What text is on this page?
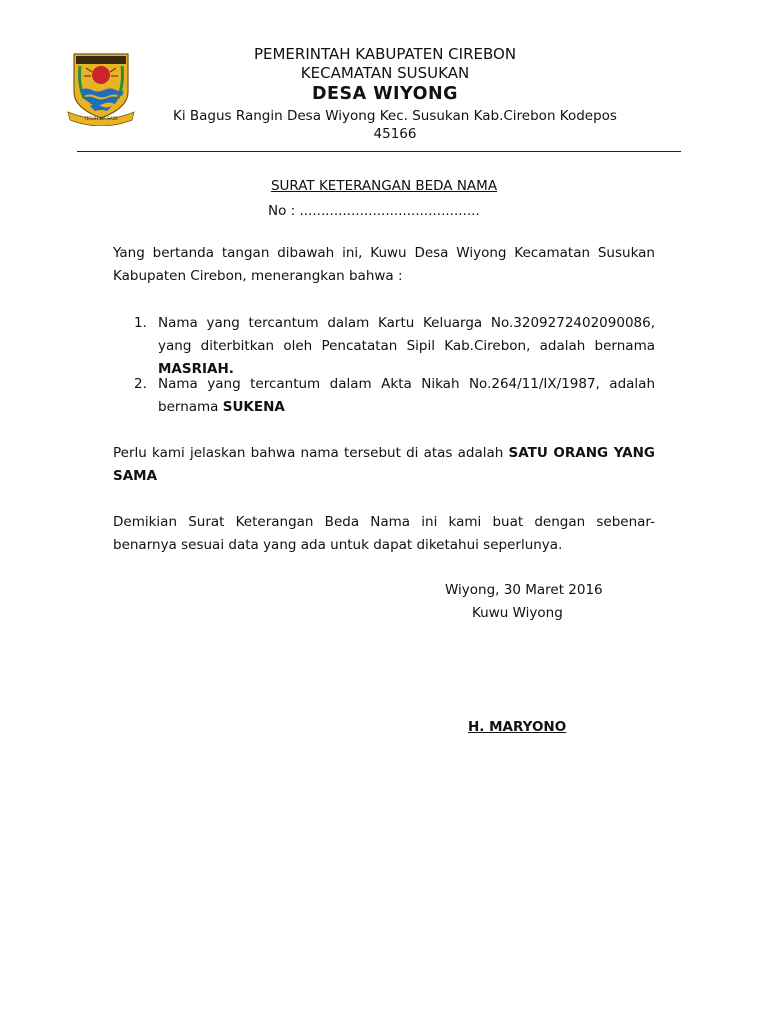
TEGUH WA SARE
PEMERINTAH KABUPATEN CIREBON
KECAMATAN SUSUKAN
DESA WIYONG
Ki Bagus Rangin Desa Wiyong Kec. Susukan Kab.Cirebon Kodepos
45166
SURAT KETERANGAN BEDA NAMA
No : ..........................................
Yang bertanda tangan dibawah ini, Kuwu Desa Wiyong Kecamatan Susukan Kabupaten Cirebon, menerangkan bahwa :
1. Nama yang tercantum dalam Kartu Keluarga No.3209272402090086, yang diterbitkan oleh Pencatatan Sipil Kab.Cirebon, adalah bernama MASRIAH.
2. Nama yang tercantum dalam Akta Nikah No.264/11/IX/1987, adalah bernama SUKENA
Perlu kami jelaskan bahwa nama tersebut di atas adalah SATU ORANG YANG SAMA
Demikian Surat Keterangan Beda Nama ini kami buat dengan sebenar-benarnya sesuai data yang ada untuk dapat diketahui seperlunya.
Wiyong, 30 Maret 2016
Kuwu Wiyong
H. MARYONO
